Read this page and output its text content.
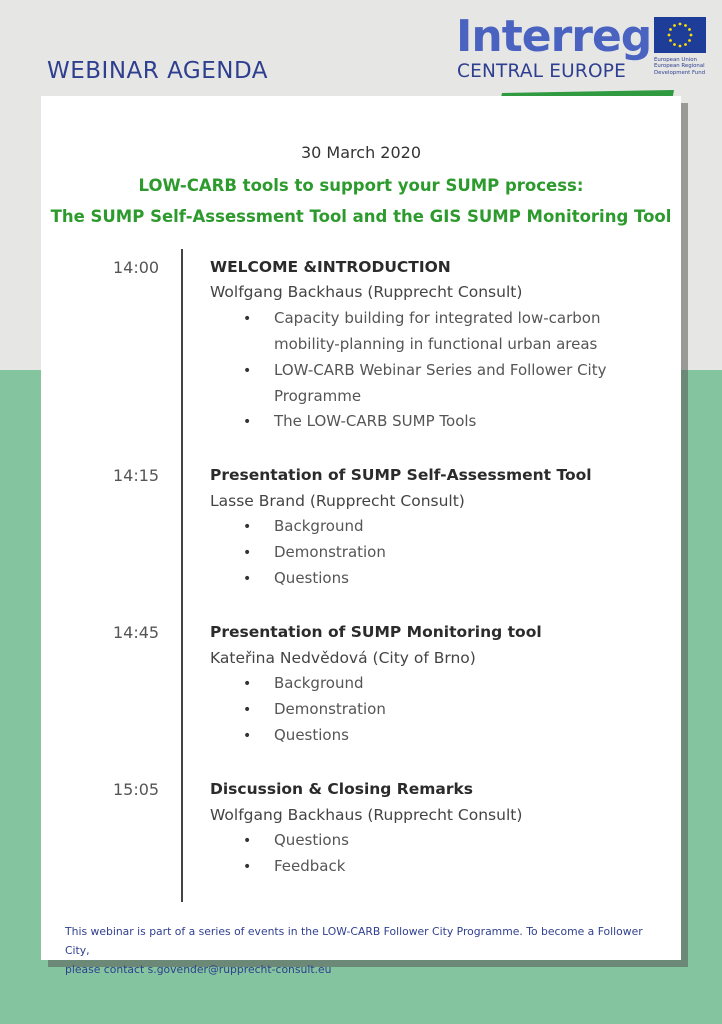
WEBINAR AGENDA
Interreg
CENTRAL EUROPE
European Union
European Regional
Development Fund
30 March 2020
LOW-CARB tools to support your SUMP process:
The SUMP Self-Assessment Tool and the GIS SUMP Monitoring Tool
14:00	WELCOME &INTRODUCTION
Wolfgang Backhaus (Rupprecht Consult)
• Capacity building for integrated low-carbon mobility-planning in functional urban areas
• LOW-CARB Webinar Series and Follower City Programme
• The LOW-CARB SUMP Tools
14:15	Presentation of SUMP Self-Assessment Tool
Lasse Brand (Rupprecht Consult)
• Background
• Demonstration
• Questions
14:45	Presentation of SUMP Monitoring tool
Kateřina Nedvědová (City of Brno)
• Background
• Demonstration
• Questions
15:05	Discussion & Closing Remarks
Wolfgang Backhaus (Rupprecht Consult)
• Questions
• Feedback
This webinar is part of a series of events in the LOW-CARB Follower City Programme. To become a Follower City,
please contact s.govender@rupprecht-consult.eu
